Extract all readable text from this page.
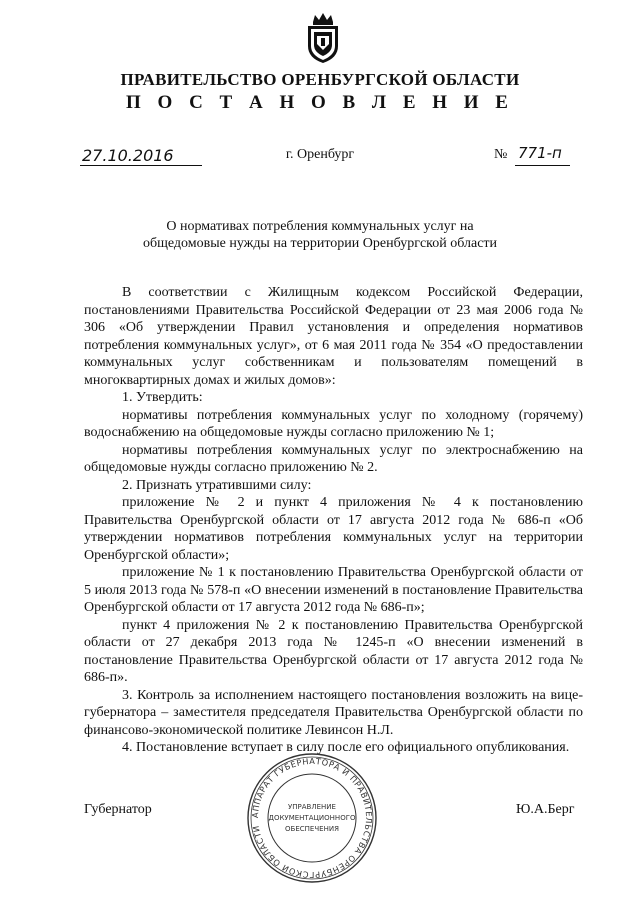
ПРАВИТЕЛЬСТВО ОРЕНБУРГСКОЙ ОБЛАСТИ
П О С Т А Н О В Л Е Н И Е
27.10.2016	г. Оренбург	№ 771-п
О нормативах потребления коммунальных услуг на
общедомовые нужды на территории Оренбургской области

В соответствии с Жилищным кодексом Российской Федерации, постановлениями Правительства Российской Федерации от 23 мая 2006 года № 306 «Об утверждении Правил установления и определения нормативов потребления коммунальных услуг», от 6 мая 2011 года № 354 «О предоставлении коммунальных услуг собственникам и пользователям помещений в многоквартирных домах и жилых домов»:

1. Утвердить:

нормативы потребления коммунальных услуг по холодному (горячему) водоснабжению на общедомовые нужды согласно приложению № 1;

нормативы потребления коммунальных услуг по электроснабжению на общедомовые нужды согласно приложению № 2.

2. Признать утратившими силу:

приложение № 2 и пункт 4 приложения № 4 к постановлению Правительства Оренбургской области от 17 августа 2012 года № 686-п «Об утверждении нормативов потребления коммунальных услуг на территории Оренбургской области»;

приложение № 1 к постановлению Правительства Оренбургской области от 5 июля 2013 года № 578-п «О внесении изменений в постановление Правительства Оренбургской области от 17 августа 2012 года № 686-п»;

пункт 4 приложения № 2 к постановлению Правительства Оренбургской области от 27 декабря 2013 года № 1245-п «О внесении изменений в постановление Правительства Оренбургской области от 17 августа 2012 года № 686-п».

3. Контроль за исполнением настоящего постановления возложить на вице-губернатора – заместителя председателя Правительства Оренбургской области по финансово-экономической политике Левинсон Н.Л.

4. Постановление вступает в силу после его официального опубликования.

Губернатор	Ю.А.Берг
АППАРАТ ГУБЕРНАТОРА И ПРАВИТЕЛЬСТВА ОРЕНБУРГСКОЙ ОБЛАСТИ
УПРАВЛЕНИЕ
ДОКУМЕНТАЦИОННОГО
ОБЕСПЕЧЕНИЯ
